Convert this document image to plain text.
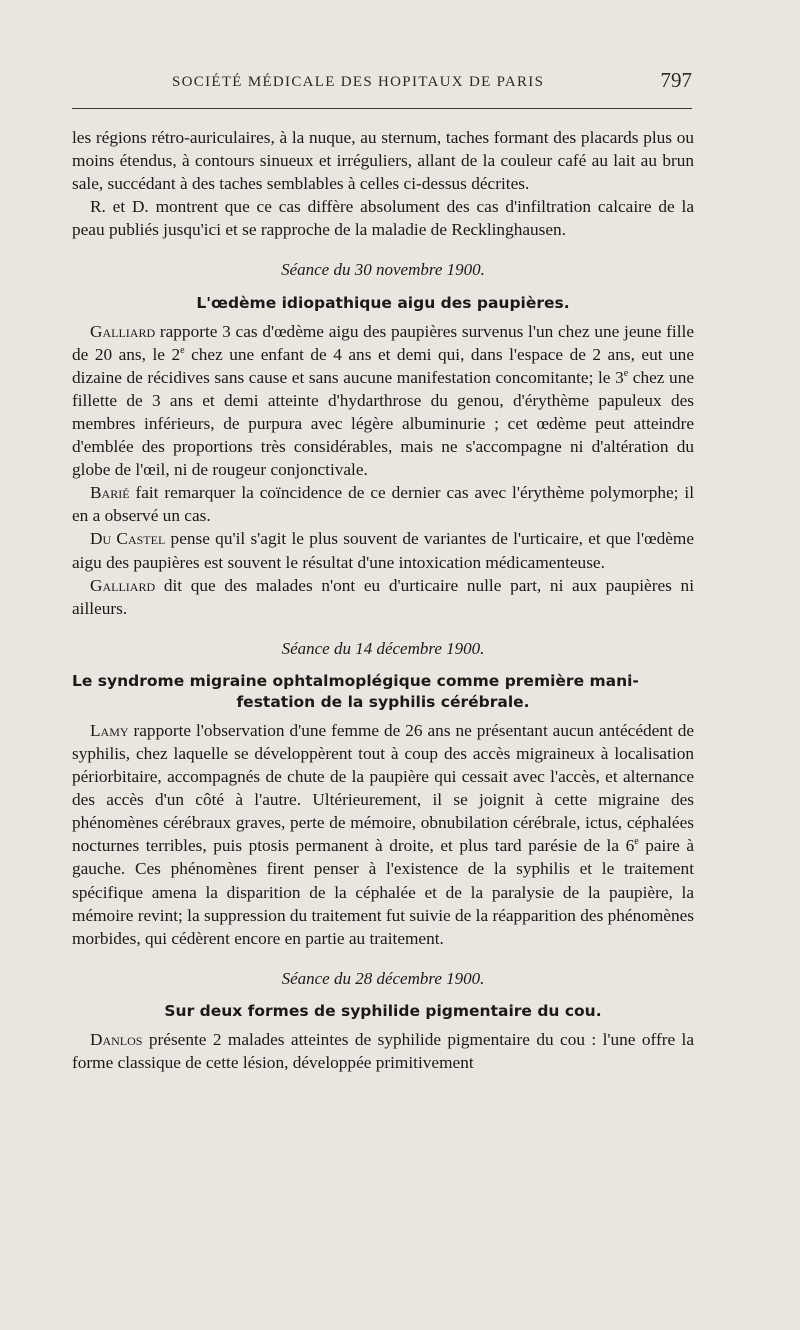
SOCIÉTÉ MÉDICALE DES HOPITAUX DE PARIS	797

les régions rétro-auriculaires, à la nuque, au sternum, taches formant des placards plus ou moins étendus, à contours sinueux et irréguliers, allant de la couleur café au lait au brun sale, succédant à des taches semblables à celles ci-dessus décrites.

R. et D. montrent que ce cas diffère absolument des cas d'infiltration calcaire de la peau publiés jusqu'ici et se rapproche de la maladie de Recklinghausen.

Séance du 30 novembre 1900.
L'œdème idiopathique aigu des paupières.

Galliard rapporte 3 cas d'œdème aigu des paupières survenus l'un chez une jeune fille de 20 ans, le 2e chez une enfant de 4 ans et demi qui, dans l'espace de 2 ans, eut une dizaine de récidives sans cause et sans aucune manifestation concomitante; le 3e chez une fillette de 3 ans et demi atteinte d'hydarthrose du genou, d'érythème papuleux des membres inférieurs, de purpura avec légère albuminurie ; cet œdème peut atteindre d'emblée des proportions très considérables, mais ne s'accompagne ni d'altération du globe de l'œil, ni de rougeur conjonctivale.

Barié fait remarquer la coïncidence de ce dernier cas avec l'érythème polymorphe; il en a observé un cas.

Du Castel pense qu'il s'agit le plus souvent de variantes de l'urticaire, et que l'œdème aigu des paupières est souvent le résultat d'une intoxication médicamenteuse.

Galliard dit que des malades n'ont eu d'urticaire nulle part, ni aux paupières ni ailleurs.

Séance du 14 décembre 1900.
Le syndrome migraine ophtalmoplégique comme première mani-
festation de la syphilis cérébrale.

Lamy rapporte l'observation d'une femme de 26 ans ne présentant aucun antécédent de syphilis, chez laquelle se développèrent tout à coup des accès migraineux à localisation périorbitaire, accompagnés de chute de la paupière qui cessait avec l'accès, et alternance des accès d'un côté à l'autre. Ultérieurement, il se joignit à cette migraine des phénomènes cérébraux graves, perte de mémoire, obnubilation cérébrale, ictus, céphalées nocturnes terribles, puis ptosis permanent à droite, et plus tard parésie de la 6e paire à gauche. Ces phénomènes firent penser à l'existence de la syphilis et le traitement spécifique amena la disparition de la céphalée et de la paralysie de la paupière, la mémoire revint; la suppression du traitement fut suivie de la réapparition des phénomènes morbides, qui cédèrent encore en partie au traitement.

Séance du 28 décembre 1900.
Sur deux formes de syphilide pigmentaire du cou.

Danlos présente 2 malades atteintes de syphilide pigmentaire du cou : l'une offre la forme classique de cette lésion, développée primitivement
